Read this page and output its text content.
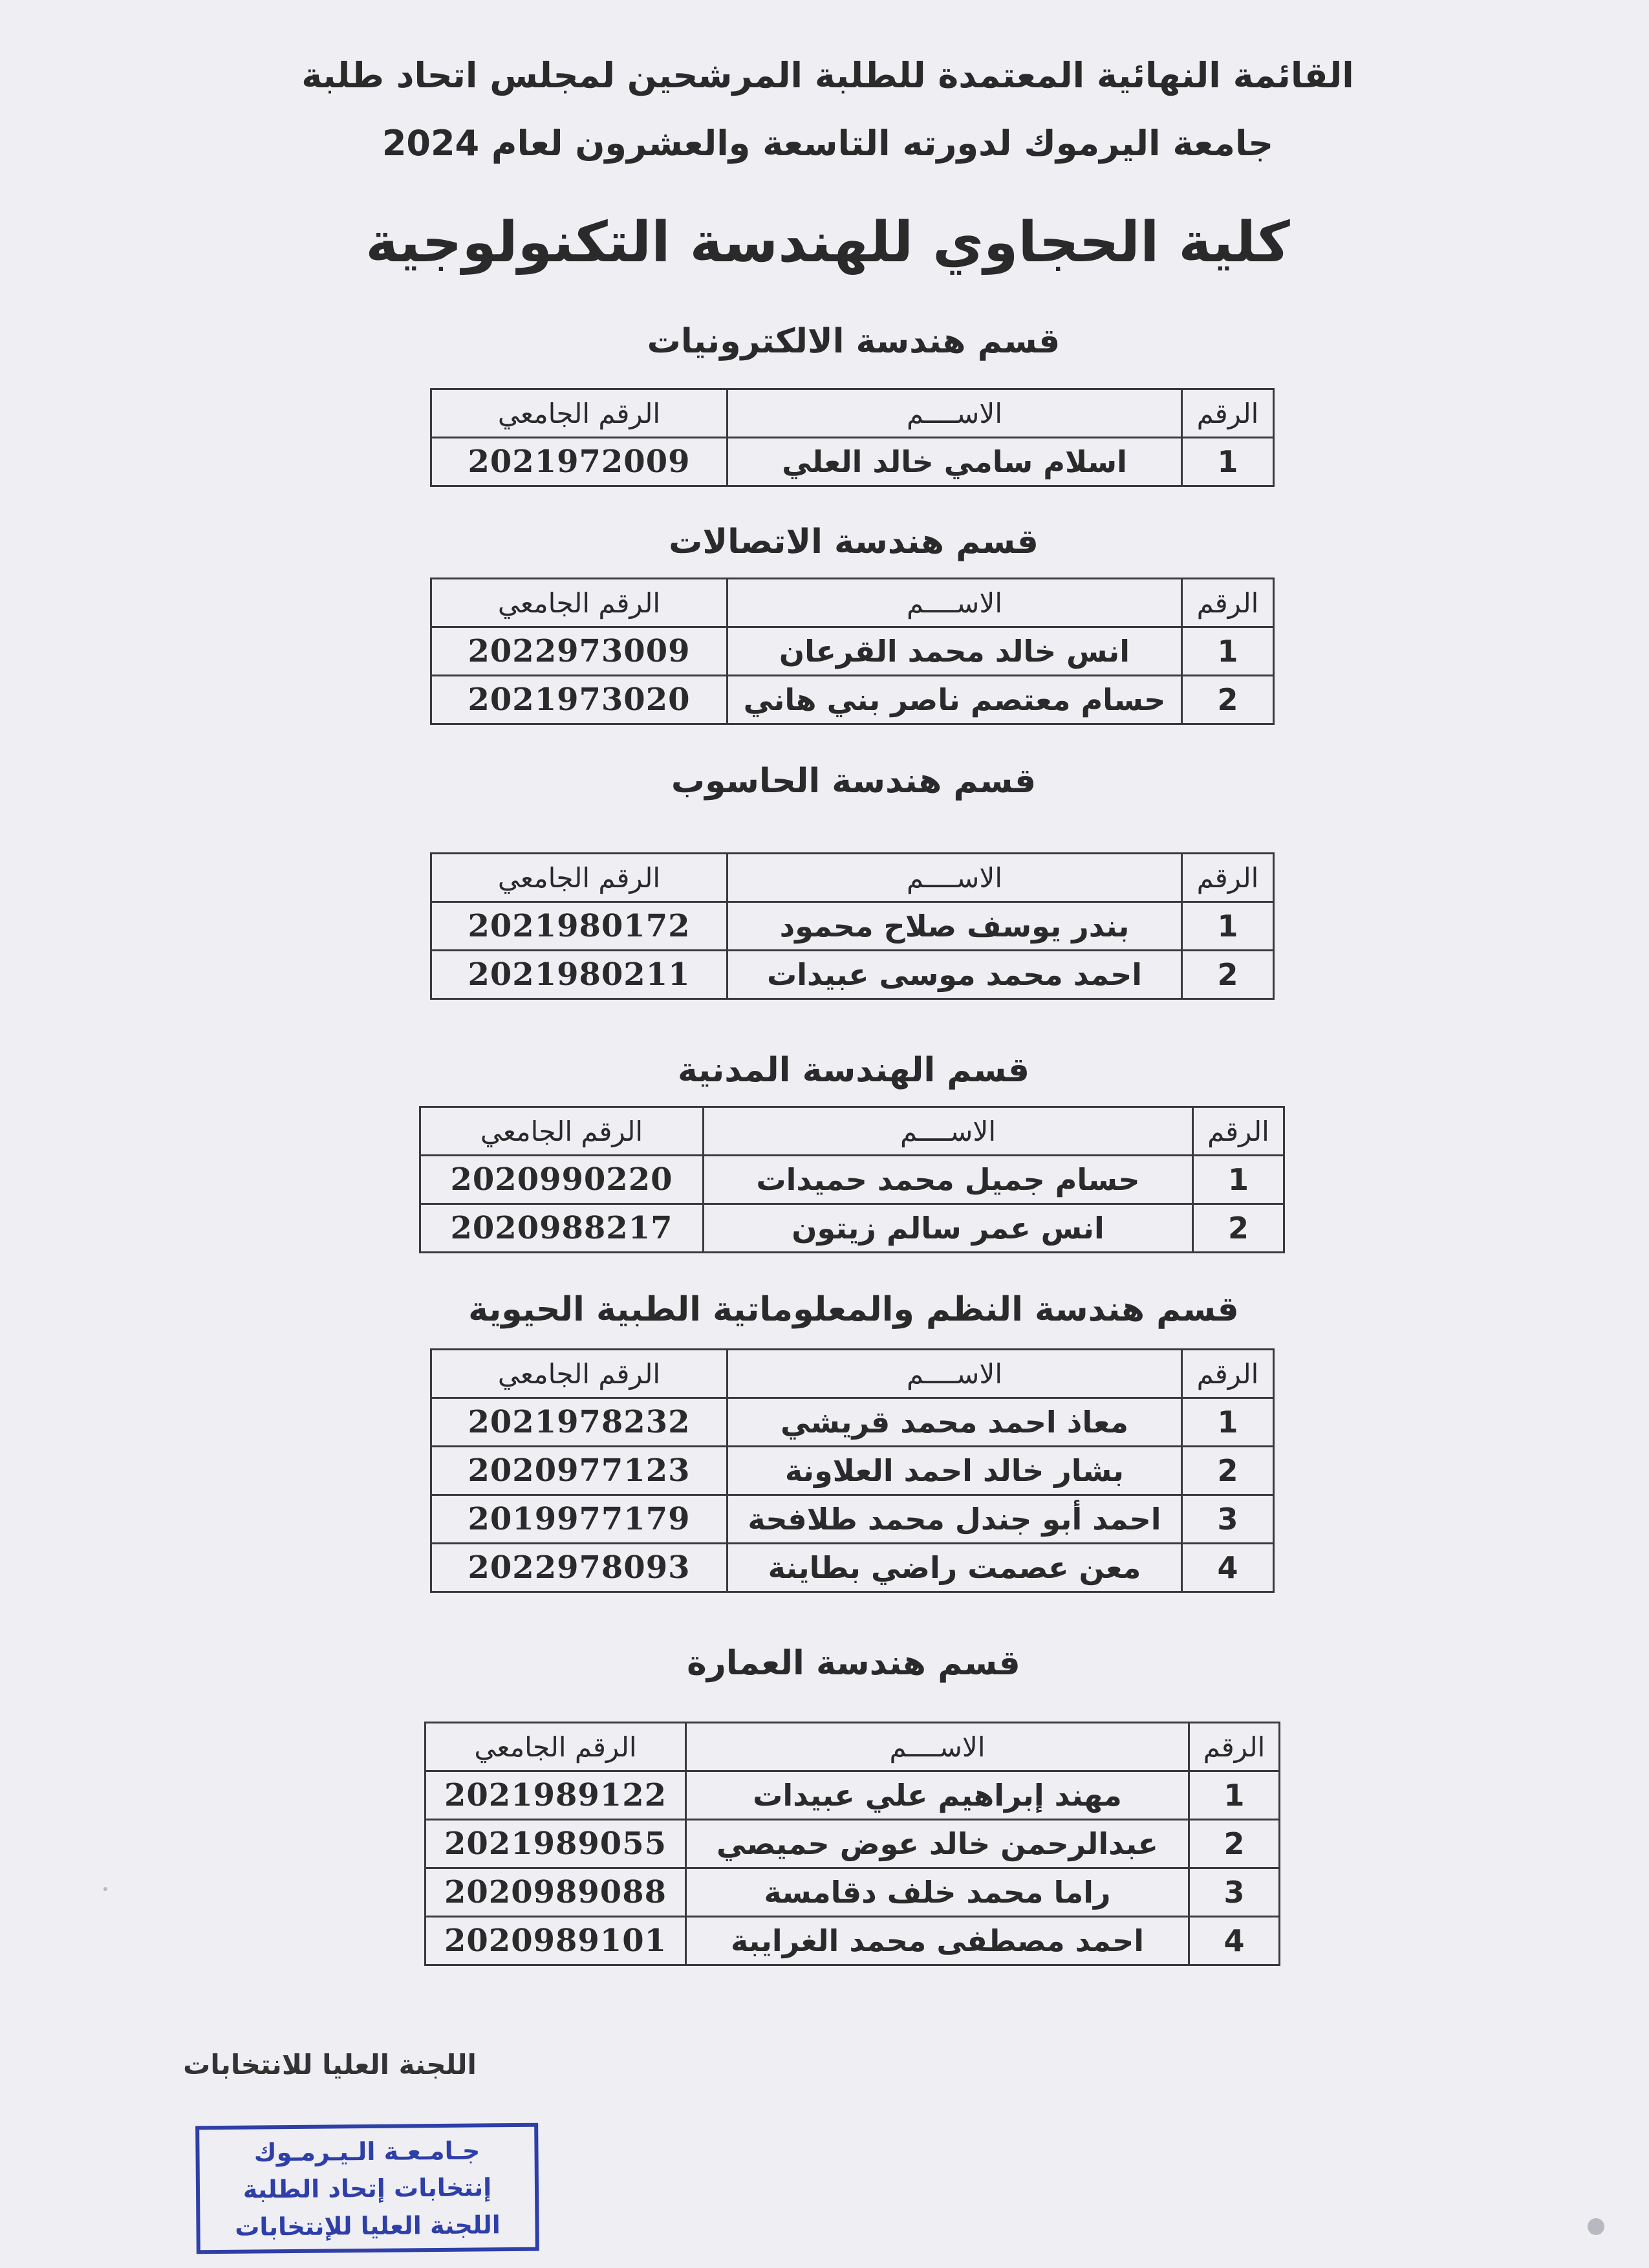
القائمة النهائية المعتمدة للطلبة المرشحين لمجلس اتحاد طلبة
جامعة اليرموك لدورته التاسعة والعشرون لعام 2024
كلية الحجاوي للهندسة التكنولوجية
قسم هندسة الالكترونيات
الرقم	الاســــم	الرقم الجامعي
1	اسلام سامي خالد العلي	2021972009
قسم هندسة الاتصالات
الرقم	الاســــم	الرقم الجامعي
1	انس خالد محمد القرعان	2022973009
2	حسام معتصم ناصر بني هاني	2021973020
قسم هندسة الحاسوب
الرقم	الاســــم	الرقم الجامعي
1	بندر يوسف صلاح محمود	2021980172
2	احمد محمد موسى عبيدات	2021980211
قسم الهندسة المدنية
الرقم	الاســــم	الرقم الجامعي
1	حسام جميل محمد حميدات	2020990220
2	انس عمر سالم زيتون	2020988217
قسم هندسة النظم والمعلوماتية الطبية الحيوية
الرقم	الاســــم	الرقم الجامعي
1	معاذ احمد محمد قريشي	2021978232
2	بشار خالد احمد العلاونة	2020977123
3	احمد أبو جندل محمد طلافحة	2019977179
4	معن عصمت راضي بطاينة	2022978093
قسم هندسة العمارة
الرقم	الاســــم	الرقم الجامعي
1	مهند إبراهيم علي عبيدات	2021989122
2	عبدالرحمن خالد عوض حميصي	2021989055
3	راما محمد خلف دقامسة	2020989088
4	احمد مصطفى محمد الغرايبة	2020989101
اللجنة العليا للانتخابات
جـامـعـة الـيـرمـوك
إنتخابات إتحاد الطلبة
اللجنة العليا للإنتخابات
